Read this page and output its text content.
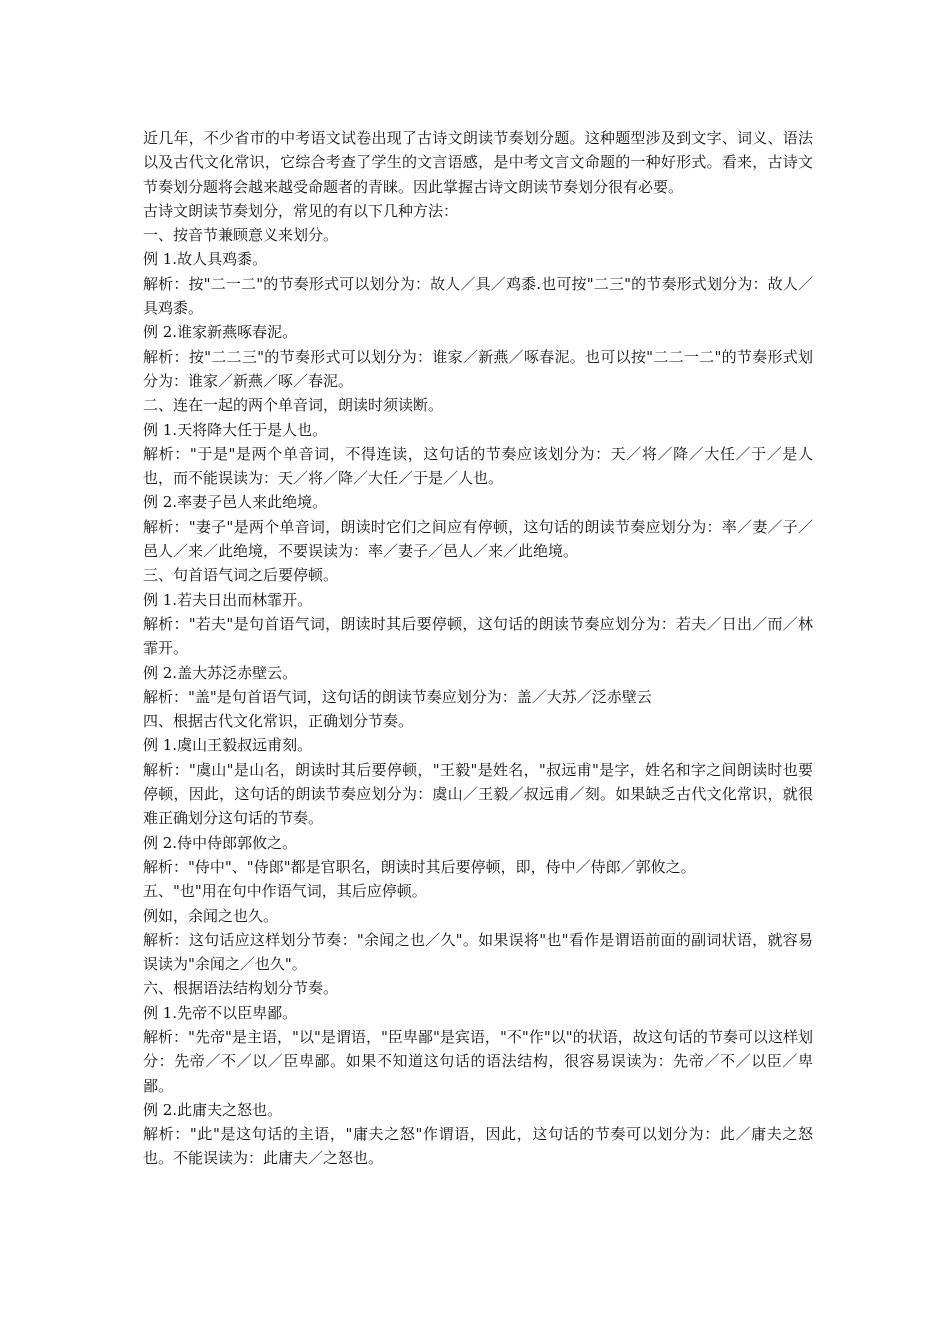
近几年，不少省市的中考语文试卷出现了古诗文朗读节奏划分题。这种题型涉及到文字、词义、语法以及古代文化常识，它综合考查了学生的文言语感，是中考文言文命题的一种好形式。看来，古诗文节奏划分题将会越来越受命题者的青睐。因此掌握古诗文朗读节奏划分很有必要。

古诗文朗读节奏划分，常见的有以下几种方法：

一、按音节兼顾意义来划分。

例 1.故人具鸡黍。

解析：按"二一二"的节奏形式可以划分为：故人／具／鸡黍.也可按"二三"的节奏形式划分为：故人／具鸡黍。

例 2.谁家新燕啄春泥。

解析：按"二二三"的节奏形式可以划分为：谁家／新燕／啄春泥。也可以按"二二一二"的节奏形式划分为：谁家／新燕／啄／春泥。

二、连在一起的两个单音词，朗读时须读断。

例 1.天将降大任于是人也。

解析："于是"是两个单音词，不得连读，这句话的节奏应该划分为：天／将／降／大任／于／是人也，而不能误读为：天／将／降／大任／于是／人也。

例 2.率妻子邑人来此绝境。

解析："妻子"是两个单音词，朗读时它们之间应有停顿，这句话的朗读节奏应划分为：率／妻／子／邑人／来／此绝境，不要误读为：率／妻子／邑人／来／此绝境。

三、句首语气词之后要停顿。

例 1.若夫日出而林霏开。

解析："若夫"是句首语气词，朗读时其后要停顿，这句话的朗读节奏应划分为：若夫／日出／而／林霏开。

例 2.盖大苏泛赤壁云。

解析："盖"是句首语气词，这句话的朗读节奏应划分为：盖／大苏／泛赤壁云

四、根据古代文化常识，正确划分节奏。

例 1.虞山王毅叔远甫刻。

解析："虞山"是山名，朗读时其后要停顿，"王毅"是姓名，"叔远甫"是字，姓名和字之间朗读时也要停顿，因此，这句话的朗读节奏应划分为：虞山／王毅／叔远甫／刻。如果缺乏古代文化常识，就很难正确划分这句话的节奏。

例 2.侍中侍郎郭攸之。

解析："侍中"、"侍郎"都是官职名，朗读时其后要停顿，即，侍中／侍郎／郭攸之。

五、"也"用在句中作语气词，其后应停顿。

例如，余闻之也久。

解析：这句话应这样划分节奏："余闻之也／久"。如果误将"也"看作是谓语前面的副词状语，就容易误读为"余闻之／也久"。

六、根据语法结构划分节奏。

例 1.先帝不以臣卑鄙。

解析："先帝"是主语，"以"是谓语，"臣卑鄙"是宾语，"不"作"以"的状语，故这句话的节奏可以这样划分：先帝／不／以／臣卑鄙。如果不知道这句话的语法结构，很容易误读为：先帝／不／以臣／卑鄙。

例 2.此庸夫之怒也。

解析："此"是这句话的主语，"庸夫之怒"作谓语，因此，这句话的节奏可以划分为：此／庸夫之怒也。不能误读为：此庸夫／之怒也。
